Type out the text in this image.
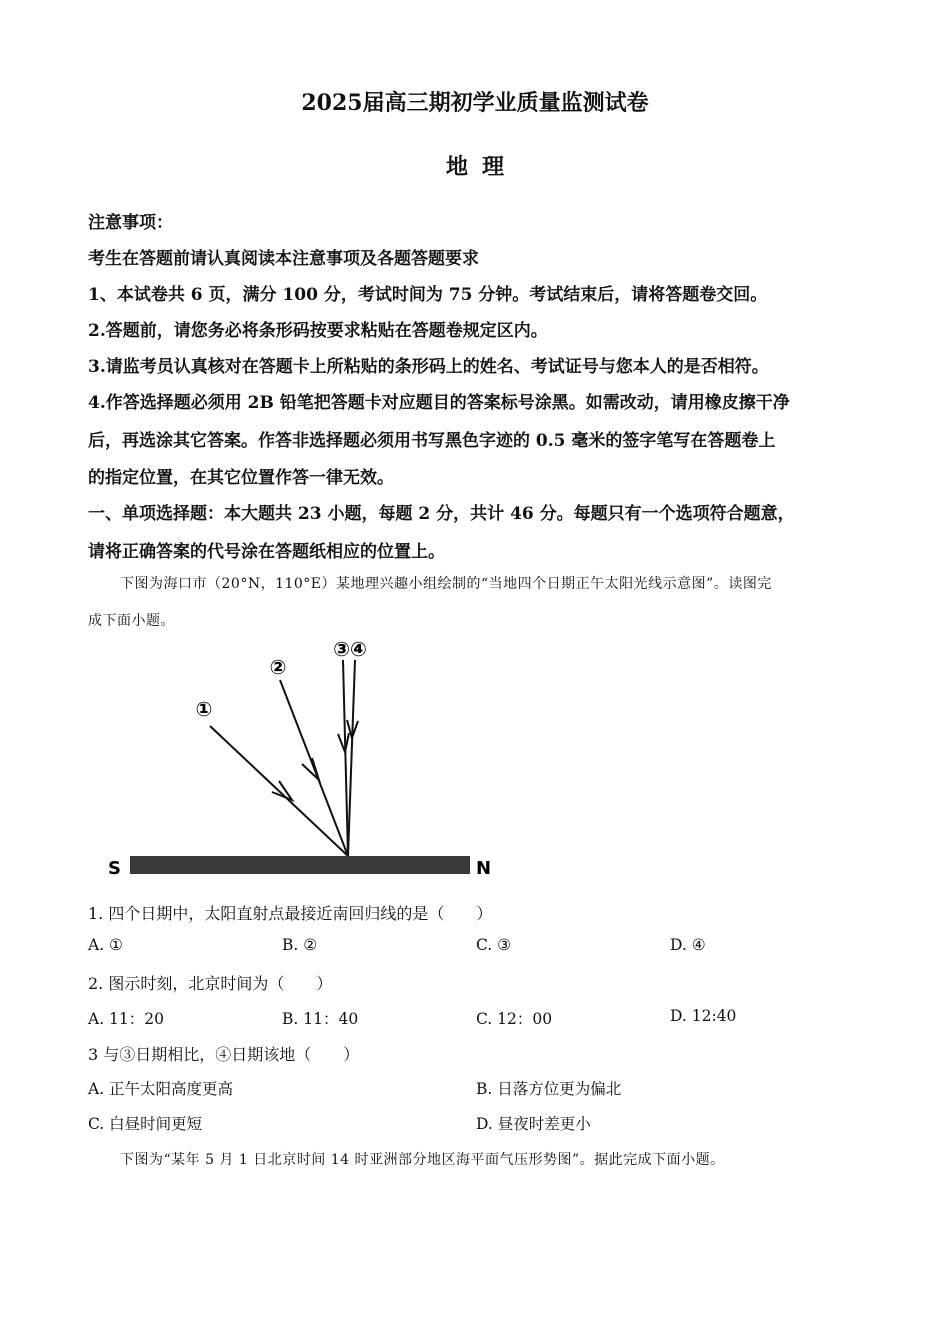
2025届高三期初学业质量监测试卷
地理
注意事项：
考生在答题前请认真阅读本注意事项及各题答题要求
1、本试卷共 6 页，满分 100 分，考试时间为 75 分钟。考试结束后，请将答题卷交回。
2.答题前，请您务必将条形码按要求粘贴在答题卷规定区内。
3.请监考员认真核对在答题卡上所粘贴的条形码上的姓名、考试证号与您本人的是否相符。
4.作答选择题必须用 2B 铅笔把答题卡对应题目的答案标号涂黑。如需改动，请用橡皮擦干净
后，再选涂其它答案。作答非选择题必须用书写黑色字迹的 0.5 毫米的签字笔写在答题卷上
的指定位置，在其它位置作答一律无效。
一、单项选择题：本大题共 23 小题，每题 2 分，共计 46 分。每题只有一个选项符合题意，
请将正确答案的代号涂在答题纸相应的位置上。
下图为海口市（20°N，110°E）某地理兴趣小组绘制的“当地四个日期正午太阳光线示意图”。读图完
成下面小题。
①
②
③④
S	N
1. 四个日期中，太阳直射点最接近南回归线的是（　　）
A. ①	B. ②	C. ③	D. ④
2. 图示时刻，北京时间为（　　）
A. 11：20	B. 11：40	C. 12：00	D. 12:40
3 与③日期相比，④日期该地（　　）
A. 正午太阳高度更高	B. 日落方位更为偏北
C. 白昼时间更短	D. 昼夜时差更小
下图为“某年 5 月 1 日北京时间 14 时亚洲部分地区海平面气压形势图”。据此完成下面小题。
